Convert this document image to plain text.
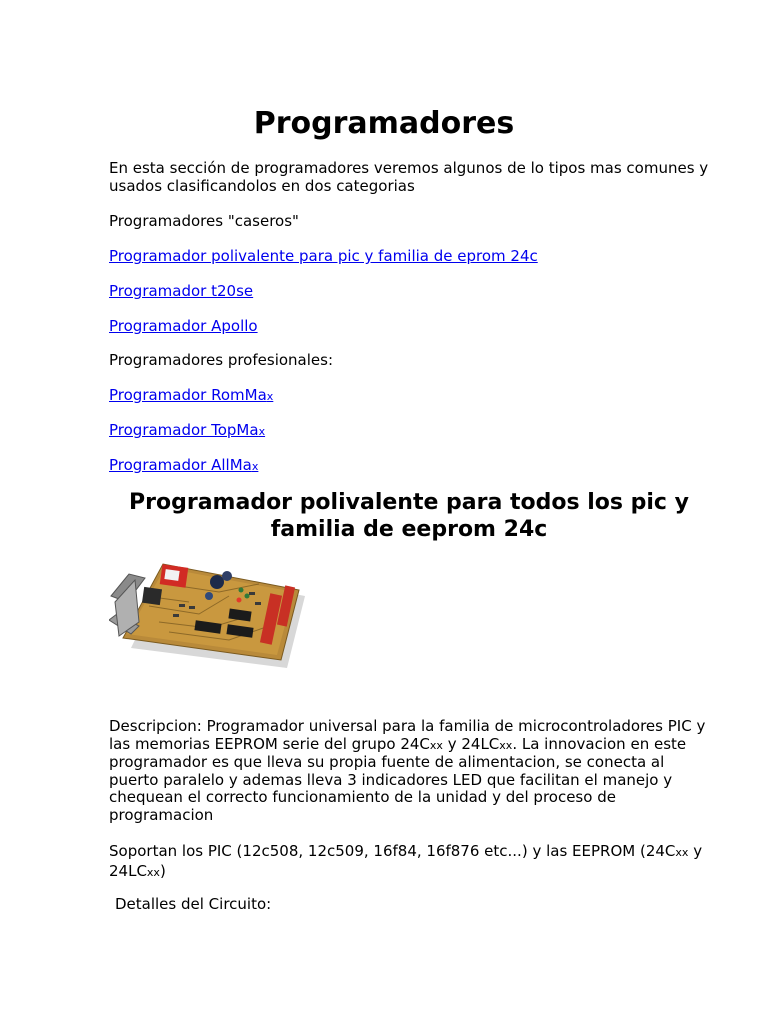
Programadores

En esta sección de programadores veremos algunos de lo tipos mas comunes y usados clasificandolos en dos categorias

Programadores "caseros"

Programador polivalente para pic y familia de eprom 24c
Programador t20se
Programador Apollo

Programadores profesionales:

Programador RomMax
Programador TopMax
Programador AllMax
Programador polivalente para todos los pic y familia de eeprom 24c

Descripcion: Programador universal para la familia de microcontroladores PIC y las memorias EEPROM serie del grupo 24Cxx y 24LCxx. La innovacion en este programador es que lleva su propia fuente de alimentacion, se conecta al puerto paralelo y ademas lleva 3 indicadores LED que facilitan el manejo y chequean el correcto funcionamiento de la unidad y del proceso de programacion

Soportan los PIC (12c508, 12c509, 16f84, 16f876 etc...) y las EEPROM (24Cxx y 24LCxx)

Detalles del Circuito:
